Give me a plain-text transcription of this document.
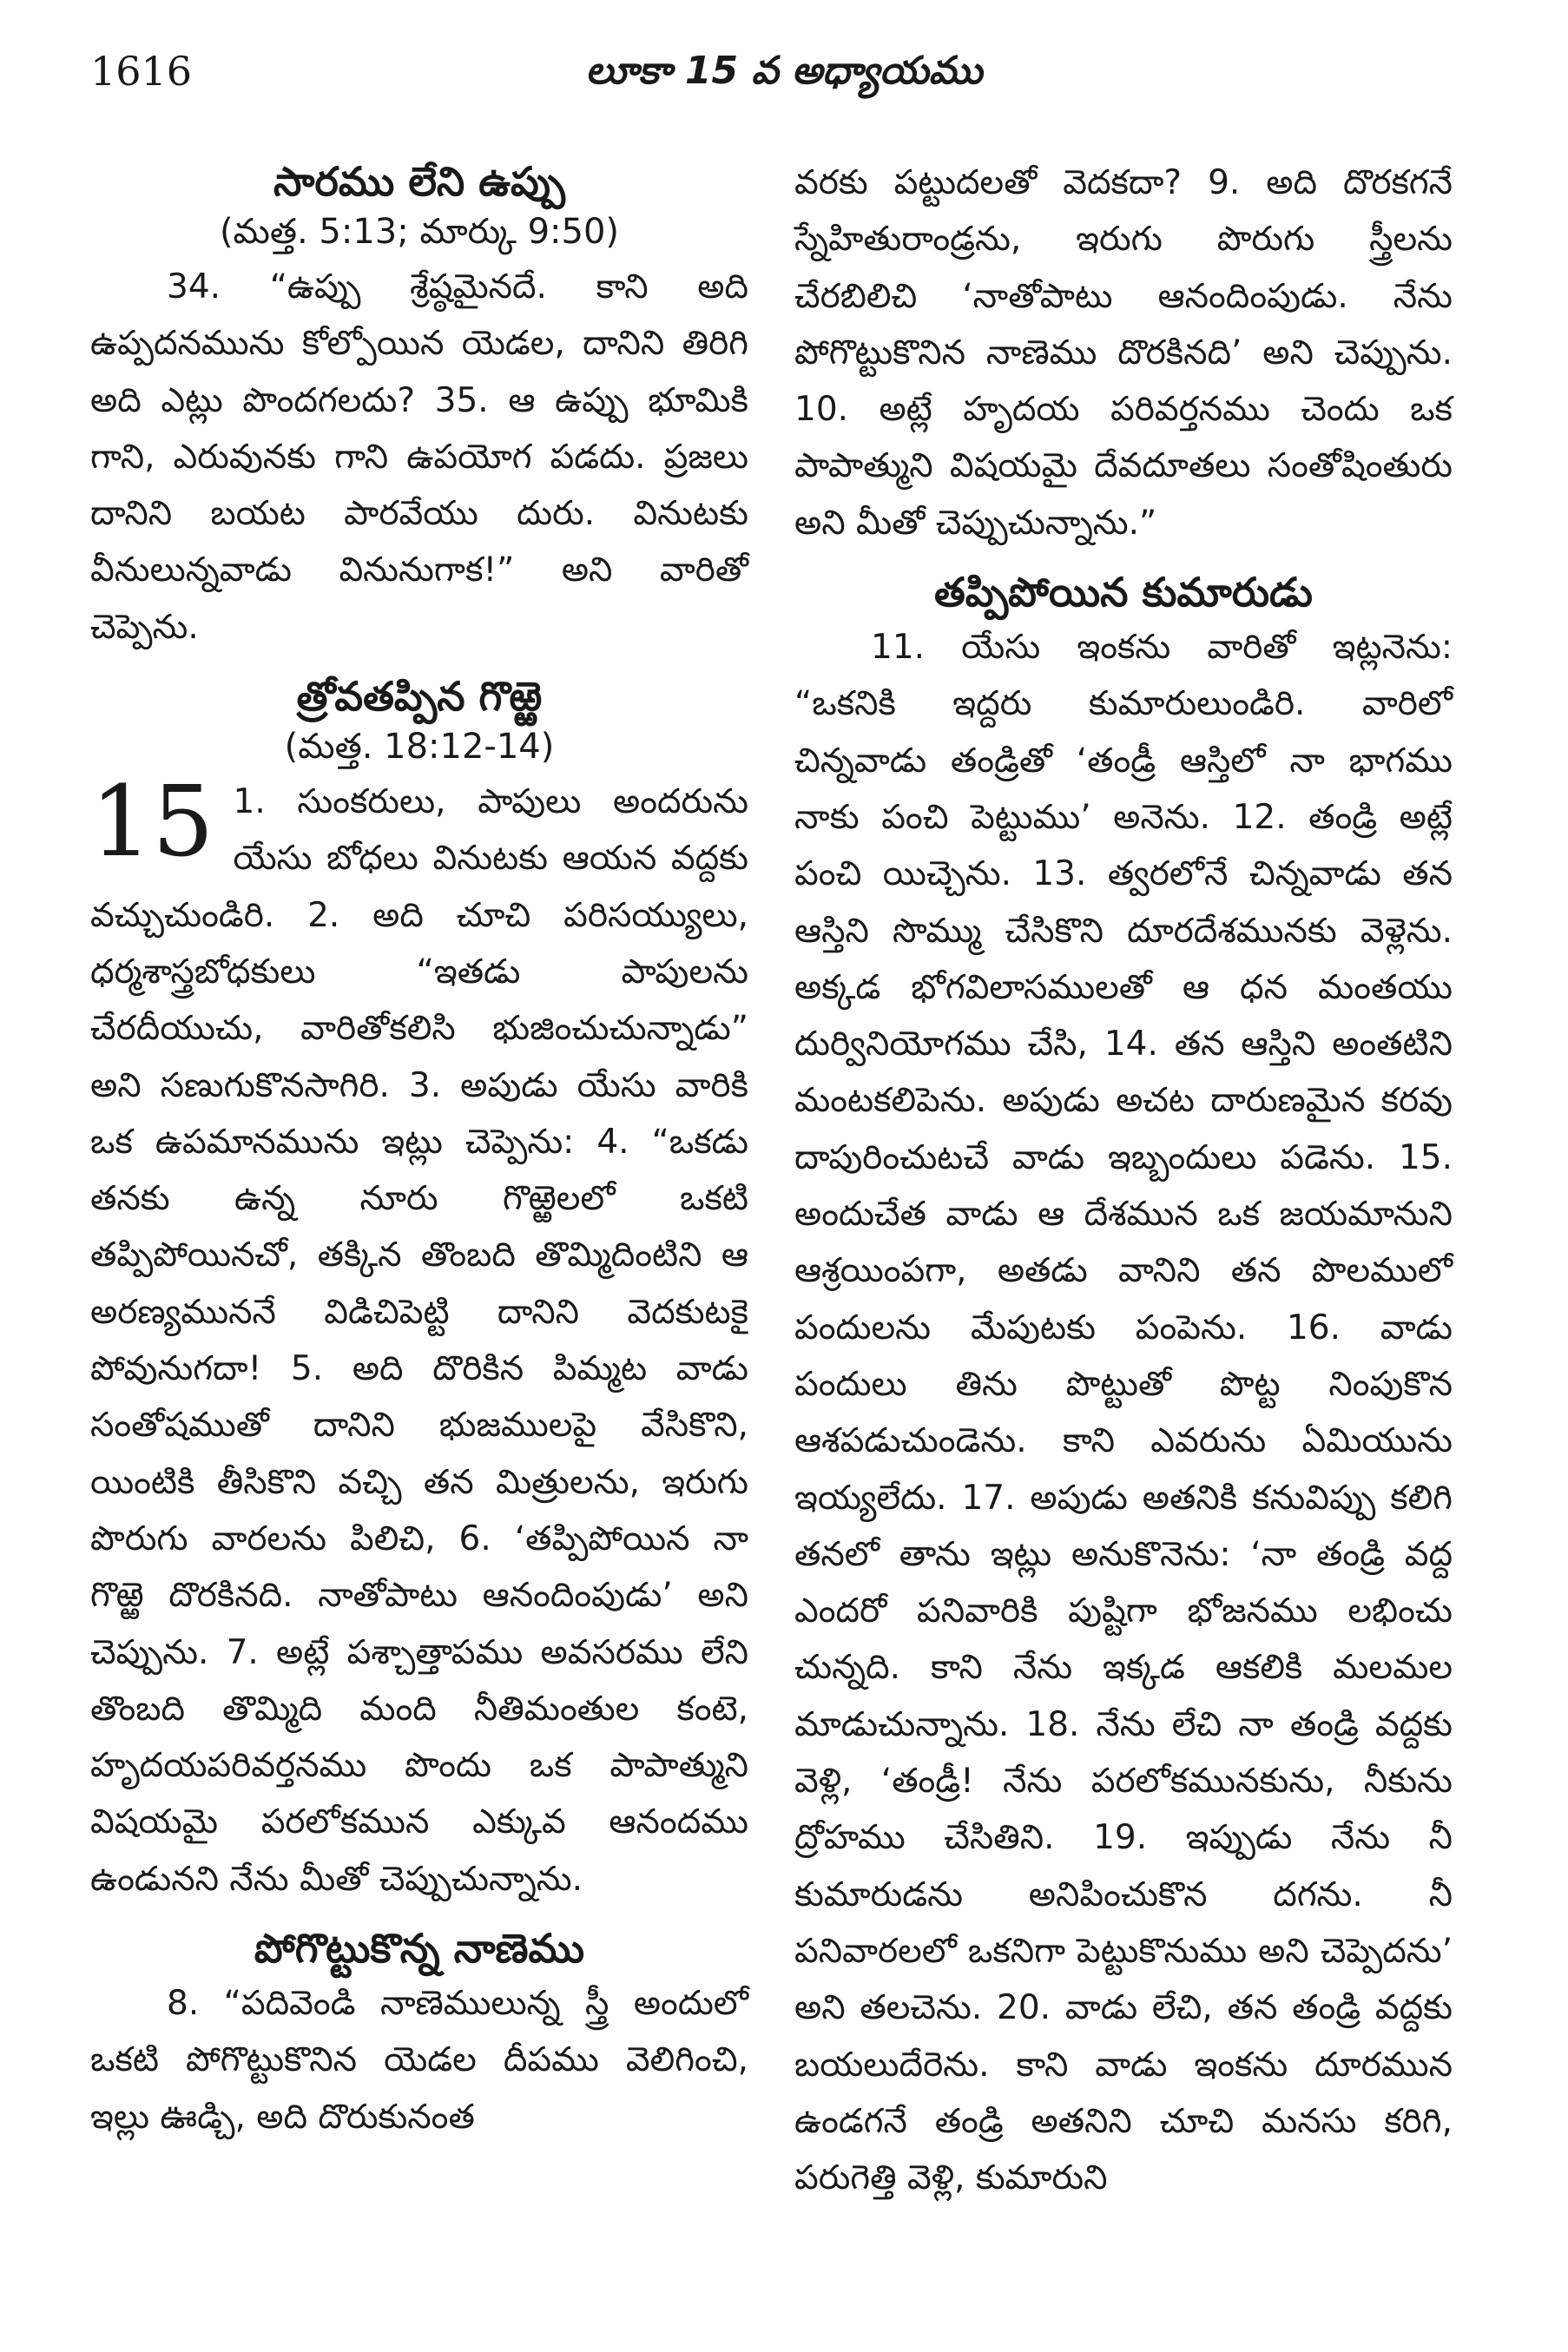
1616	లూకా 15 వ అధ్యాయము
సారము లేని ఉప్పు

(మత్త. 5:13; మార్కు 9:50)

34. “ఉప్పు శ్రేష్ఠమైనదే. కాని అది ఉప్పదనమును కోల్పోయిన యెడల, దానిని తిరిగి అది ఎట్లు పొందగలదు? 35. ఆ ఉప్పు భూమికి గాని, ఎరువునకు గాని ఉపయోగ పడదు. ప్రజలు దానిని బయట పారవేయు దురు. వినుటకు వీనులున్నవాడు వినునుగాక!” అని వారితో చెప్పెను.

త్రోవతప్పిన గొఱ్ఱె

(మత్త. 18:12-14)

15 1. సుంకరులు, పాపులు అందరును యేసు బోధలు వినుటకు ఆయన వద్దకు వచ్చుచుండిరి. 2. అది చూచి పరిసయ్యులు, ధర్మశాస్త్రబోధకులు “ఇతడు పాపులను చేరదీయుచు, వారితోకలిసి భుజించుచున్నాడు” అని సణుగుకొనసాగిరి. 3. అపుడు యేసు వారికి ఒక ఉపమానమును ఇట్లు చెప్పెను: 4. “ఒకడు తనకు ఉన్న నూరు గొఱ్ఱెలలో ఒకటి తప్పిపోయినచో, తక్కిన తొంబది తొమ్మిదింటిని ఆ అరణ్యముననే విడిచిపెట్టి దానిని వెదకుటకై పోవునుగదా! 5. అది దొరికిన పిమ్మట వాడు సంతోషముతో దానిని భుజములపై వేసికొని, యింటికి తీసికొని వచ్చి తన మిత్రులను, ఇరుగు పొరుగు వారలను పిలిచి, 6. ‘తప్పిపోయిన నా గొఱ్ఱె దొరకినది. నాతోపాటు ఆనందింపుడు’ అని చెప్పును. 7. అట్లే పశ్చాత్తాపము అవసరము లేని తొంబది తొమ్మిది మంది నీతిమంతుల కంటె, హృదయపరివర్తనము పొందు ఒక పాపాత్ముని విషయమై పరలోకమున ఎక్కువ ఆనందము ఉండునని నేను మీతో చెప్పుచున్నాను.

పోగొట్టుకొన్న నాణెము

8. “పదివెండి నాణెములున్న స్త్రీ అందులో ఒకటి పోగొట్టుకొనిన యెడల దీపము వెలిగించి, ఇల్లు ఊడ్చి, అది దొరుకునంత

వరకు పట్టుదలతో వెదకదా? 9. అది దొరకగనే స్నేహితురాండ్రను, ఇరుగు పొరుగు స్త్రీలను చేరబిలిచి ‘నాతోపాటు ఆనందింపుడు. నేను పోగొట్టుకొనిన నాణెము దొరకినది’ అని చెప్పును. 10. అట్లే హృదయ పరివర్తనము చెందు ఒక పాపాత్ముని విషయమై దేవదూతలు సంతోషింతురు అని మీతో చెప్పుచున్నాను.”

తప్పిపోయిన కుమారుడు

11. యేసు ఇంకను వారితో ఇట్లనెను: “ఒకనికి ఇద్దరు కుమారులుండిరి. వారిలో చిన్నవాడు తండ్రితో ‘తండ్రీ ఆస్తిలో నా భాగము నాకు పంచి పెట్టుము’ అనెను. 12. తండ్రి అట్లే పంచి యిచ్చెను. 13. త్వరలోనే చిన్నవాడు తన ఆస్తిని సొమ్ము చేసికొని దూరదేశమునకు వెళ్లెను. అక్కడ భోగవిలాసములతో ఆ ధన మంతయు దుర్వినియోగము చేసి, 14. తన ఆస్తిని అంతటిని మంటకలిపెను. అపుడు అచట దారుణమైన కరవు దాపురించుటచే వాడు ఇబ్బందులు పడెను. 15. అందుచేత వాడు ఆ దేశమున ఒక జయమానుని ఆశ్రయింపగా, అతడు వానిని తన పొలములో పందులను మేపుటకు పంపెను. 16. వాడు పందులు తిను పొట్టుతో పొట్ట నింపుకొన ఆశపడుచుండెను. కాని ఎవరును ఏమియును ఇయ్యలేదు. 17. అపుడు అతనికి కనువిప్పు కలిగి తనలో తాను ఇట్లు అనుకొనెను: ‘నా తండ్రి వద్ద ఎందరో పనివారికి పుష్టిగా భోజనము లభించు చున్నది. కాని నేను ఇక్కడ ఆకలికి మలమల మాడుచున్నాను. 18. నేను లేచి నా తండ్రి వద్దకు వెళ్లి, ‘తండ్రీ! నేను పరలోకమునకును, నీకును ద్రోహము చేసితిని. 19. ఇప్పుడు నేను నీ కుమారుడను అనిపించుకొన దగను. నీ పనివారలలో ఒకనిగా పెట్టుకొనుము అని చెప్పెదను’ అని తలచెను. 20. వాడు లేచి, తన తండ్రి వద్దకు బయలుదేరెను. కాని వాడు ఇంకను దూరమున ఉండగనే తండ్రి అతనిని చూచి మనసు కరిగి, పరుగెత్తి వెళ్లి, కుమారుని
